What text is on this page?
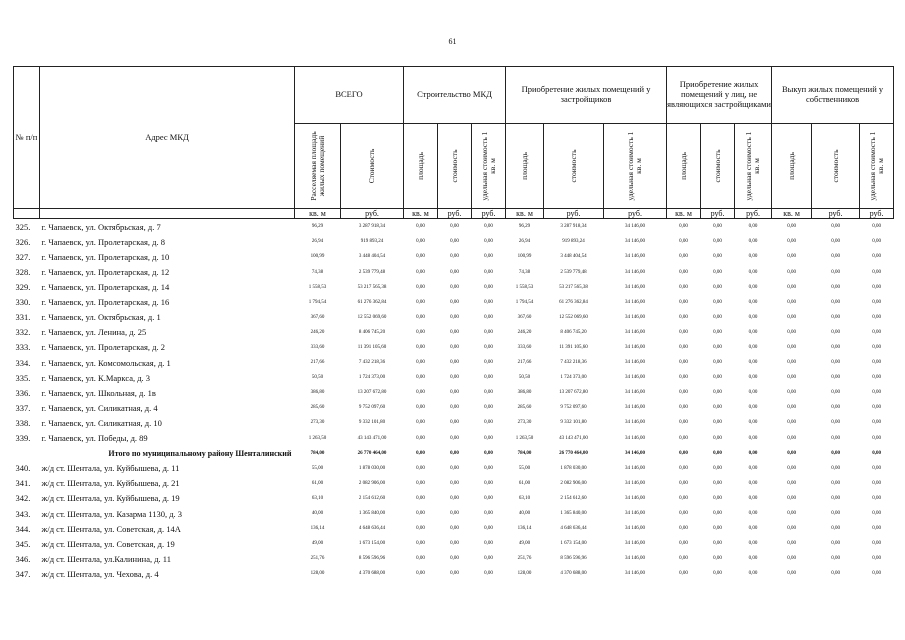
61
№ п/п	Адрес МКД	ВСЕГО		Строительство МКД			Приобретение жилых помещений у застройщиков			Приобретение жилых помещений у лиц, не являющихся застройщиками			Выкуп жилых помещений у собственников		

		Расселяемая площадь жилых помещений	Стоимость	площадь	стоимость	удельная стоимость 1 кв. м	площадь	стоимость	удельная стоимость 1 кв. м	площадь	стоимость	удельная стоимость 1 кв. м	площадь	стоимость	удельная стоимость 1 кв. м

		кв. м	руб.	кв. м	руб.	руб.	кв. м	руб.	руб.	кв. м	руб.	руб.	кв. м	руб.	руб.
325.	г. Чапаевск, ул. Октябрьская, д. 7	96,29	3 287 918,34	0,00	0,00	0,00	96,29	3 287 918,34	34 146,00	0,00	0,00	0,00	0,00	0,00	0,00
326.	г. Чапаевск, ул. Пролетарская, д. 8	26,94	919 893,24	0,00	0,00	0,00	26,94	919 893,24	34 146,00	0,00	0,00	0,00	0,00	0,00	0,00
327.	г. Чапаевск, ул. Пролетарская, д. 10	100,99	3 448 404,54	0,00	0,00	0,00	100,99	3 448 404,54	34 146,00	0,00	0,00	0,00	0,00	0,00	0,00
328.	г. Чапаевск, ул. Пролетарская, д. 12	74,38	2 539 779,48	0,00	0,00	0,00	74,38	2 539 779,48	34 146,00	0,00	0,00	0,00	0,00	0,00	0,00
329.	г. Чапаевск, ул. Пролетарская, д. 14	1 558,53	53 217 565,38	0,00	0,00	0,00	1 558,53	53 217 565,38	34 146,00	0,00	0,00	0,00	0,00	0,00	0,00
330.	г. Чапаевск, ул. Пролетарская, д. 16	1 794,54	61 276 362,84	0,00	0,00	0,00	1 794,54	61 276 362,84	34 146,00	0,00	0,00	0,00	0,00	0,00	0,00
331.	г. Чапаевск, ул. Октябрьская, д. 1	367,60	12 552 069,60	0,00	0,00	0,00	367,60	12 552 069,60	34 146,00	0,00	0,00	0,00	0,00	0,00	0,00
332.	г. Чапаевск, ул. Ленина, д. 25	246,20	8 406 745,20	0,00	0,00	0,00	246,20	8 406 745,20	34 146,00	0,00	0,00	0,00	0,00	0,00	0,00
333.	г. Чапаевск, ул. Пролетарская, д. 2	333,60	11 391 105,60	0,00	0,00	0,00	333,60	11 391 105,60	34 146,00	0,00	0,00	0,00	0,00	0,00	0,00
334.	г. Чапаевск, ул. Комсомольская, д. 1	217,66	7 432 218,36	0,00	0,00	0,00	217,66	7 432 218,36	34 146,00	0,00	0,00	0,00	0,00	0,00	0,00
335.	г. Чапаевск, ул. К.Маркса, д. 3	50,50	1 724 373,00	0,00	0,00	0,00	50,50	1 724 373,00	34 146,00	0,00	0,00	0,00	0,00	0,00	0,00
336.	г. Чапаевск, ул. Школьная, д. 1в	386,80	13 207 672,80	0,00	0,00	0,00	386,80	13 207 672,80	34 146,00	0,00	0,00	0,00	0,00	0,00	0,00
337.	г. Чапаевск, ул. Силикатная, д. 4	285,60	9 752 097,60	0,00	0,00	0,00	285,60	9 752 097,60	34 146,00	0,00	0,00	0,00	0,00	0,00	0,00
338.	г. Чапаевск, ул. Силикатная, д. 10	273,30	9 332 101,80	0,00	0,00	0,00	273,30	9 332 101,80	34 146,00	0,00	0,00	0,00	0,00	0,00	0,00
339.	г. Чапаевск, ул. Победы, д. 89	1 263,50	43 143 471,00	0,00	0,00	0,00	1 263,50	43 143 471,00	34 146,00	0,00	0,00	0,00	0,00	0,00	0,00
	Итого по муниципальному району Шенталинский	784,00	26 770 464,00	0,00	0,00	0,00	784,00	26 770 464,00	34 146,00	0,00	0,00	0,00	0,00	0,00	0,00
340.	ж/д ст. Шентала, ул. Куйбышева, д. 11	55,00	1 878 030,00	0,00	0,00	0,00	55,00	1 878 030,00	34 146,00	0,00	0,00	0,00	0,00	0,00	0,00
341.	ж/д ст. Шентала, ул. Куйбышева, д. 21	61,00	2 082 906,00	0,00	0,00	0,00	61,00	2 082 906,00	34 146,00	0,00	0,00	0,00	0,00	0,00	0,00
342.	ж/д ст. Шентала, ул. Куйбышева, д. 19	63,10	2 154 612,60	0,00	0,00	0,00	63,10	2 154 612,60	34 146,00	0,00	0,00	0,00	0,00	0,00	0,00
343.	ж/д ст. Шентала, ул. Казарма 1130, д. 3	40,00	1 365 840,00	0,00	0,00	0,00	40,00	1 365 840,00	34 146,00	0,00	0,00	0,00	0,00	0,00	0,00
344.	ж/д ст. Шентала, ул. Советская, д. 14А	136,14	4 648 636,44	0,00	0,00	0,00	136,14	4 648 636,44	34 146,00	0,00	0,00	0,00	0,00	0,00	0,00
345.	ж/д ст. Шентала, ул. Советская, д. 19	49,00	1 673 154,00	0,00	0,00	0,00	49,00	1 673 154,00	34 146,00	0,00	0,00	0,00	0,00	0,00	0,00
346.	ж/д ст. Шентала, ул.Калинина, д. 11	251,76	8 596 596,96	0,00	0,00	0,00	251,76	8 596 596,96	34 146,00	0,00	0,00	0,00	0,00	0,00	0,00
347.	ж/д ст. Шентала, ул. Чехова, д. 4	128,00	4 370 688,00	0,00	0,00	0,00	128,00	4 370 688,00	34 146,00	0,00	0,00	0,00	0,00	0,00	0,00
